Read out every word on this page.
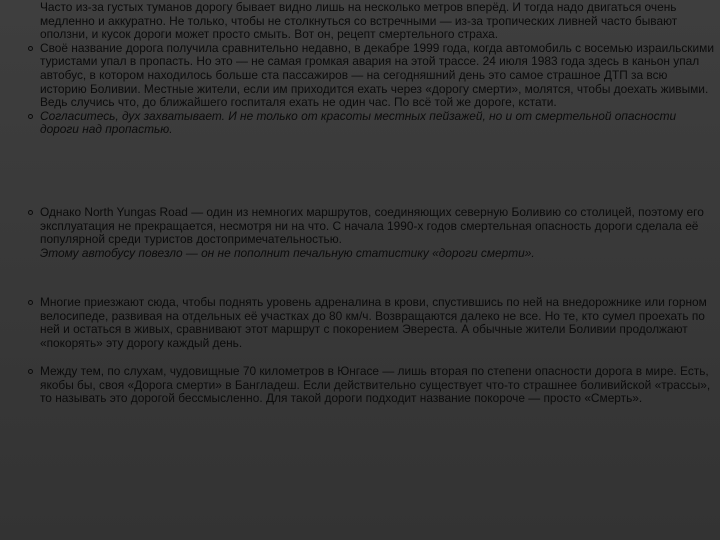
Часто из-за густых туманов дорогу бывает видно лишь на несколько метров вперёд. И тогда надо двигаться очень медленно и аккуратно. Не только, чтобы не столкнуться со встречными — из-за тропических ливней часто бывают оползни, и кусок дороги может просто смыть. Вот он, рецепт смертельного страха.

Своё название дорога получила сравнительно недавно, в декабре 1999 года, когда автомобиль с восемью израильскими туристами упал в пропасть. Но это — не самая громкая авария на этой трассе. 24 июля 1983 года здесь в каньон упал автобус, в котором находилось больше ста пассажиров — на сегодняшний день это самое страшное ДТП за всю историю Боливии. Местные жители, если им приходится ехать через «дорогу смерти», молятся, чтобы доехать живыми. Ведь случись что, до ближайшего госпиталя ехать не один час. По всё той же дороге, кстати.

Согласитесь, дух захватывает. И не только от красоты местных пейзажей, но и от смертельной опасности дороги над пропастью.

Однако North Yungas Road — один из немногих маршрутов, соединяющих северную Боливию со столицей, поэтому его эксплуатация не прекращается, несмотря ни на что. С начала 1990-х годов смертельная опасность дороги сделала её популярной среди туристов достопримечательностью.

Этому автобусу повезло — он не пополнит печальную статистику «дороги смерти».

Многие приезжают сюда, чтобы поднять уровень адреналина в крови, спустившись по ней на внедорожнике или горном велосипеде, развивая на отдельных её участках до 80 км/ч. Возвращаются далеко не все. Но те, кто сумел проехать по ней и остаться в живых, сравнивают этот маршрут с покорением Эвереста. А обычные жители Боливии продолжают «покорять» эту дорогу каждый день.

Между тем, по слухам, чудовищные 70 километров в Юнгасе — лишь вторая по степени опасности дорога в мире. Есть, якобы бы, своя «Дорога смерти» в Бангладеш. Если действительно существует что-то страшнее боливийской «трассы», то называть это дорогой бессмысленно. Для такой дороги подходит название покороче — просто «Смерть».
